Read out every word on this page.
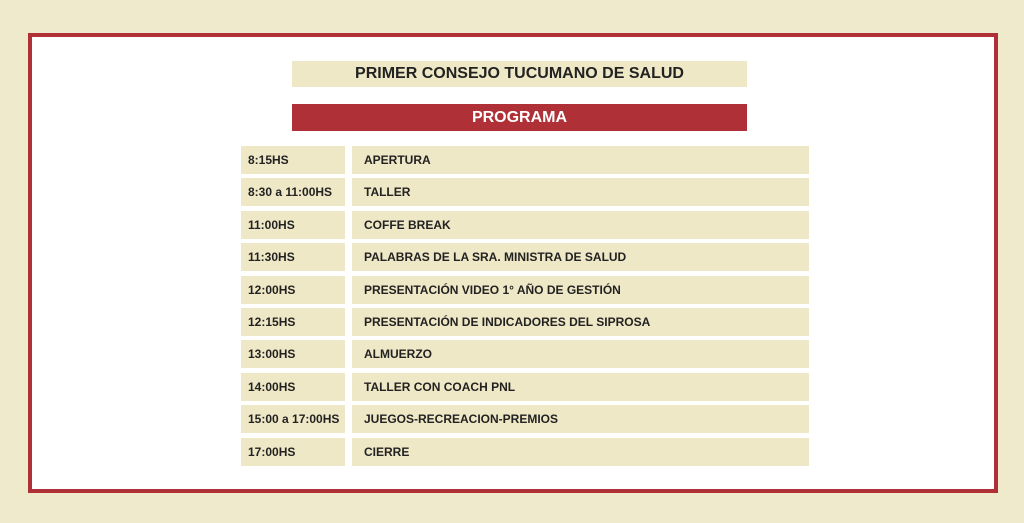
PRIMER CONSEJO TUCUMANO DE SALUD
PROGRAMA
8:15HS	APERTURA
8:30 a 11:00HS	TALLER
11:00HS	COFFE BREAK
11:30HS	PALABRAS DE LA SRA. MINISTRA DE SALUD
12:00HS	PRESENTACIÓN VIDEO 1° AÑO DE GESTIÓN
12:15HS	PRESENTACIÓN DE INDICADORES DEL SIPROSA
13:00HS	ALMUERZO
14:00HS	TALLER CON COACH PNL
15:00 a 17:00HS	JUEGOS-RECREACION-PREMIOS
17:00HS	CIERRE
